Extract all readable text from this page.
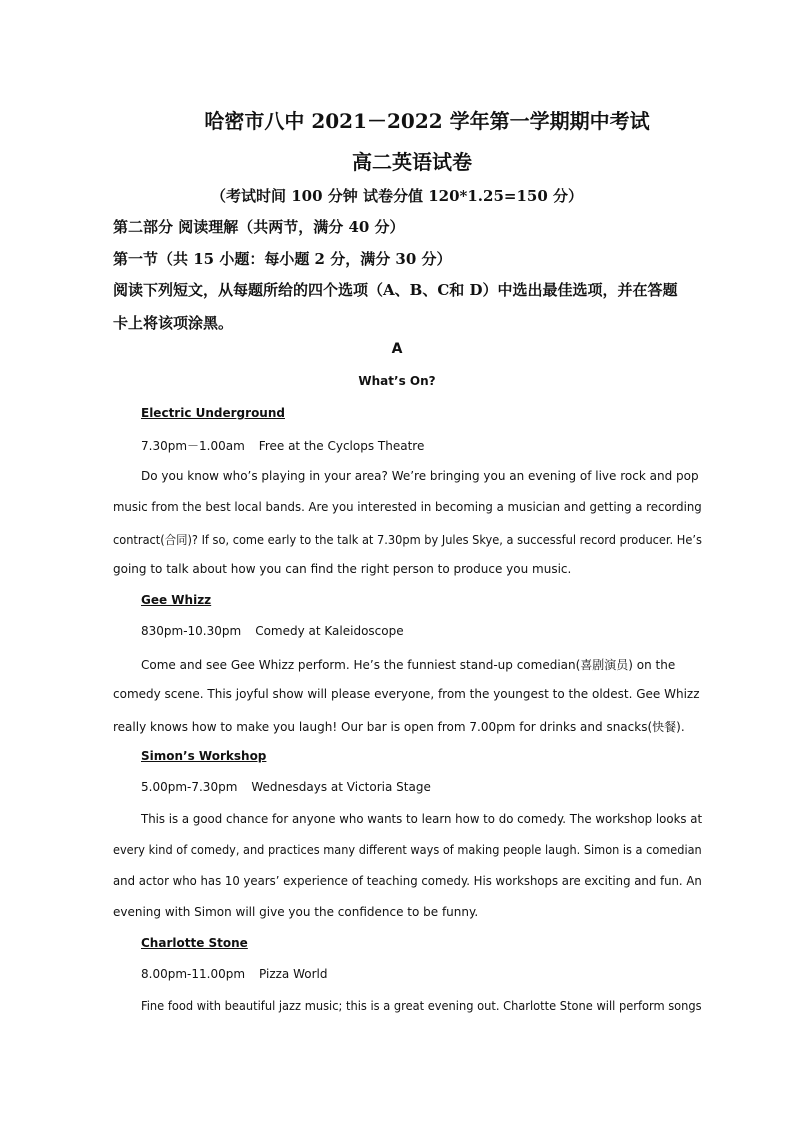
哈密市八中 2021－2022 学年第一学期期中考试
高二英语试卷
（考试时间 100 分钟 试卷分值 120*1.25=150 分）
第二部分 阅读理解（共两节，满分 40 分）
第一节（共 15 小题：每小题 2 分，满分 30 分）
阅读下列短文，从每题所给的四个选项（A、B、C和 D）中选出最佳选项，并在答题
卡上将该项涂黑。
A
What’s On?
Electric Underground
7.30pm－1.00am Free at the Cyclops Theatre
Do you know who’s playing in your area? We’re bringing you an evening of live rock and pop
music from the best local bands. Are you interested in becoming a musician and getting a recording
contract(合同)? If so, come early to the talk at 7.30pm by Jules Skye, a successful record producer. He’s
going to talk about how you can find the right person to produce you music.
Gee Whizz
830pm-10.30pm Comedy at Kaleidoscope
Come and see Gee Whizz perform. He’s the funniest stand-up comedian(喜剧演员) on the
comedy scene. This joyful show will please everyone, from the youngest to the oldest. Gee Whizz
really knows how to make you laugh! Our bar is open from 7.00pm for drinks and snacks(快餐).
Simon’s Workshop
5.00pm-7.30pm Wednesdays at Victoria Stage
This is a good chance for anyone who wants to learn how to do comedy. The workshop looks at
every kind of comedy, and practices many different ways of making people laugh. Simon is a comedian
and actor who has 10 years’ experience of teaching comedy. His workshops are exciting and fun. An
evening with Simon will give you the confidence to be funny.
Charlotte Stone
8.00pm-11.00pm Pizza World
Fine food with beautiful jazz music; this is a great evening out. Charlotte Stone will perform songs
